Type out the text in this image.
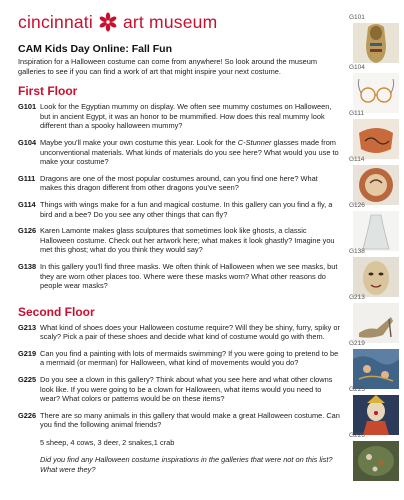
cincinnati art museum
CAM Kids Day Online: Fall Fun
Inspiration for a Halloween costume can come from anywhere! So look around the museum galleries to see if you can find a work of art that might inspire your next costume.
First Floor
G101 Look for the Egyptian mummy on display. We often see mummy costumes on Halloween, but in ancient Egypt, it was an honor to be mummified. How does this real mummy look different than a spooky halloween mummy?
G104 Maybe you'll make your own costume this year. Look for the C-Stunner glasses made from unconventional materials. What kinds of materials do you see here? What would you use to make your costume?
G111 Dragons are one of the most popular costumes around, can you find one here? What makes this dragon different from other dragons you've seen?
G114 Things with wings make for a fun and magical costume. In this gallery can you find a fly, a bird and a bee? Do you see any other things that can fly?
G126 Karen Lamonte makes glass sculptures that sometimes look like ghosts, a classic Halloween costume. Check out her artwork here; what makes it look ghastly? Imagine you met this ghost; what do you think they would say?
G138 In this gallery you'll find three masks. We often think of Halloween when we see masks, but they are worn other places too. Where were these masks worn? What other reasons do people wear masks?
Second Floor
G213 What kind of shoes does your Halloween costume require? Will they be shiny, furry, spiky or scaly? Pick a pair of these shoes and decide what kind of costume would go with them.
G219 Can you find a painting with lots of mermaids swimming? If you were going to pretend to be a mermaid (or merman) for Halloween, what kind of movements would you do?
G225 Do you see a clown in this gallery? Think about what you see here and what other clowns look like. If you were going to be a clown for Halloween, what items would you need to wear? What colors or patterns would be on these items?
G226 There are so many animals in this gallery that would make a great Halloween costume. Can you find the following animal friends?
5 sheep, 4 cows, 3 deer, 2 snakes,1 crab
Did you find any Halloween costume inspirations in the galleries that were not on this list? What were they?
G101
G104
G111
G114
G126
G138
G213
G219
G225
G226
